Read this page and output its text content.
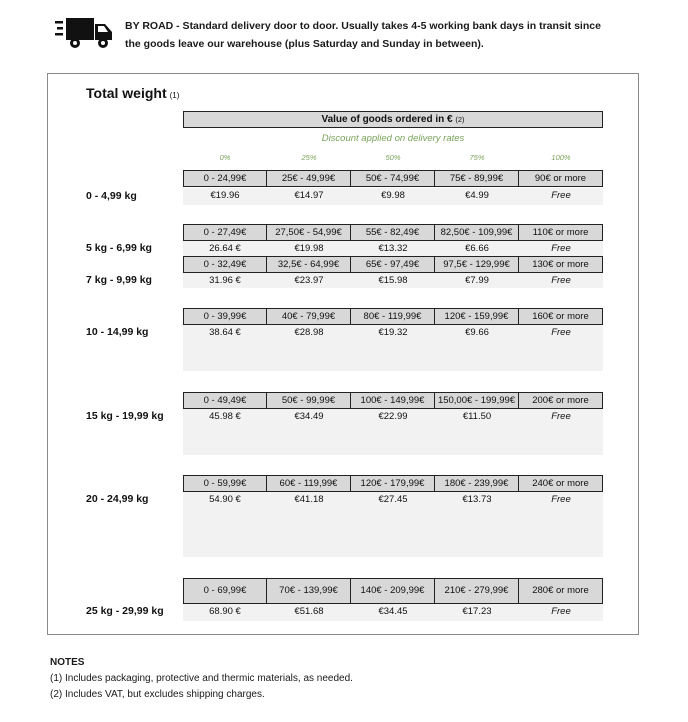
BY ROAD - Standard delivery door to door. Usually takes 4-5 working bank days in transit since
the goods leave our warehouse (plus Saturday and Sunday in between).
Total weight (1)
Value of goods ordered in € (2)
Discount applied on delivery rates
0%	25%	50%	75%	100%
0 - 24,99€	25€ - 49,99€	50€ - 74,99€	75€ - 89,99€	90€ or more
€19.96	€14.97	€9.98	€4.99	Free
0 - 4,99 kg
0 - 27,49€	27,50€ - 54,99€	55€ - 82,49€	82,50€ - 109,99€	110€ or more
26.64 €	€19.98	€13.32	€6.66	Free
5 kg - 6,99 kg
0 - 32,49€	32,5€ - 64,99€	65€ - 97,49€	97,5€ - 129,99€	130€ or more
31.96 €	€23.97	€15.98	€7.99	Free
7 kg - 9,99 kg
0 - 39,99€	40€ - 79,99€	80€ - 119,99€	120€ - 159,99€	160€ or more
38.64 €	€28.98	€19.32	€9.66	Free
10 - 14,99 kg
0 - 49,49€	50€ - 99,99€	100€ - 149,99€	150,00€ - 199,99€	200€ or more
45.98 €	€34.49	€22.99	€11.50	Free
15 kg - 19,99 kg
0 - 59,99€	60€ - 119,99€	120€ - 179,99€	180€ - 239,99€	240€ or more
54.90 €	€41.18	€27.45	€13.73	Free
20 - 24,99 kg
0 - 69,99€	70€ - 139,99€	140€ - 209,99€	210€ - 279,99€	280€ or more
68.90 €	€51.68	€34.45	€17.23	Free
25 kg - 29,99 kg
NOTES
(1) Includes packaging, protective and thermic materials, as needed.
(2) Includes VAT, but excludes shipping charges.
